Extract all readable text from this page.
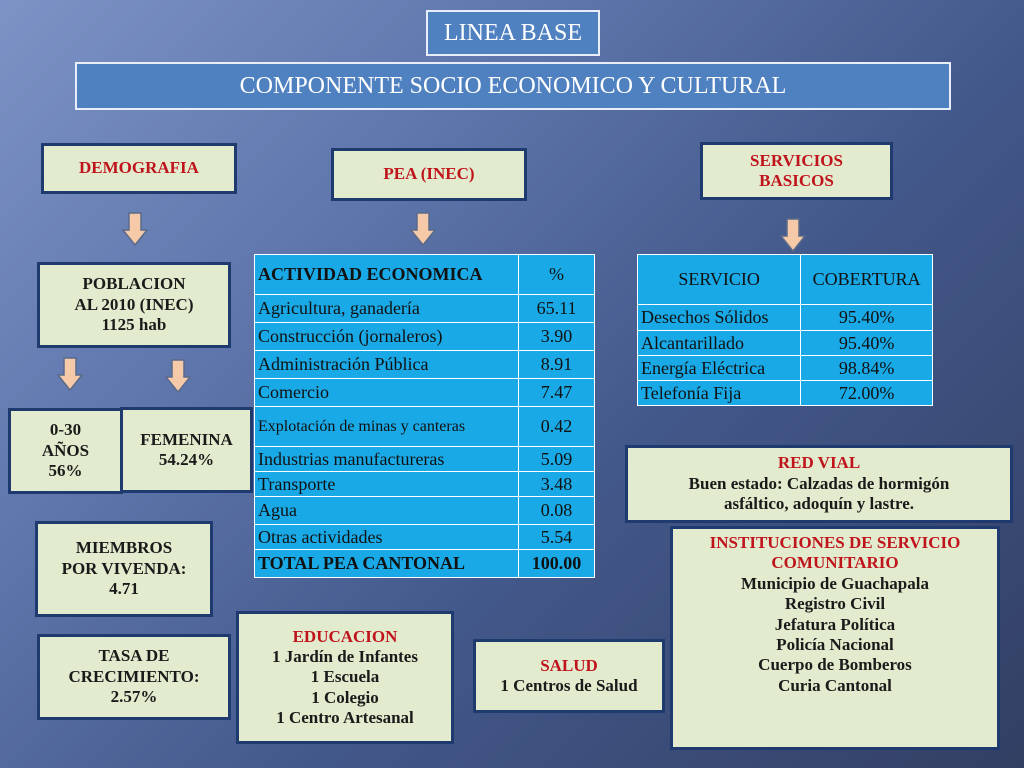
LINEA BASE
COMPONENTE SOCIO ECONOMICO Y CULTURAL
DEMOGRAFIA	PEA (INEC)
SERVICIOS
BASICOS
POBLACION
AL 2010 (INEC)
1125 hab
0-30
AÑOS
56%
FEMENINA
54.24%
MIEMBROS
POR VIVENDA:
4.71
TASA DE
CRECIMIENTO:
2.57%
ACTIVIDAD ECONOMICA	%
Agricultura, ganadería	65.11
Construcción (jornaleros)	3.90
Administración Pública	8.91
Comercio	7.47
Explotación de minas y canteras	0.42
Industrias manufactureras	5.09
Transporte	3.48
Agua	0.08
Otras actividades	5.54
TOTAL PEA CANTONAL	100.00
SERVICIO	COBERTURA
Desechos Sólidos	95.40%
Alcantarillado	95.40%
Energía Eléctrica	98.84%
Telefonía Fija	72.00%
RED VIAL
Buen estado: Calzadas de hormigón
asfáltico, adoquín y lastre.
INSTITUCIONES DE SERVICIO
COMUNITARIO
Municipio de Guachapala
Registro Civil
Jefatura Política
Policía Nacional
Cuerpo de Bomberos
Curia Cantonal
EDUCACION
1 Jardín de Infantes
1 Escuela
1 Colegio
1 Centro Artesanal
SALUD
1 Centros de Salud
